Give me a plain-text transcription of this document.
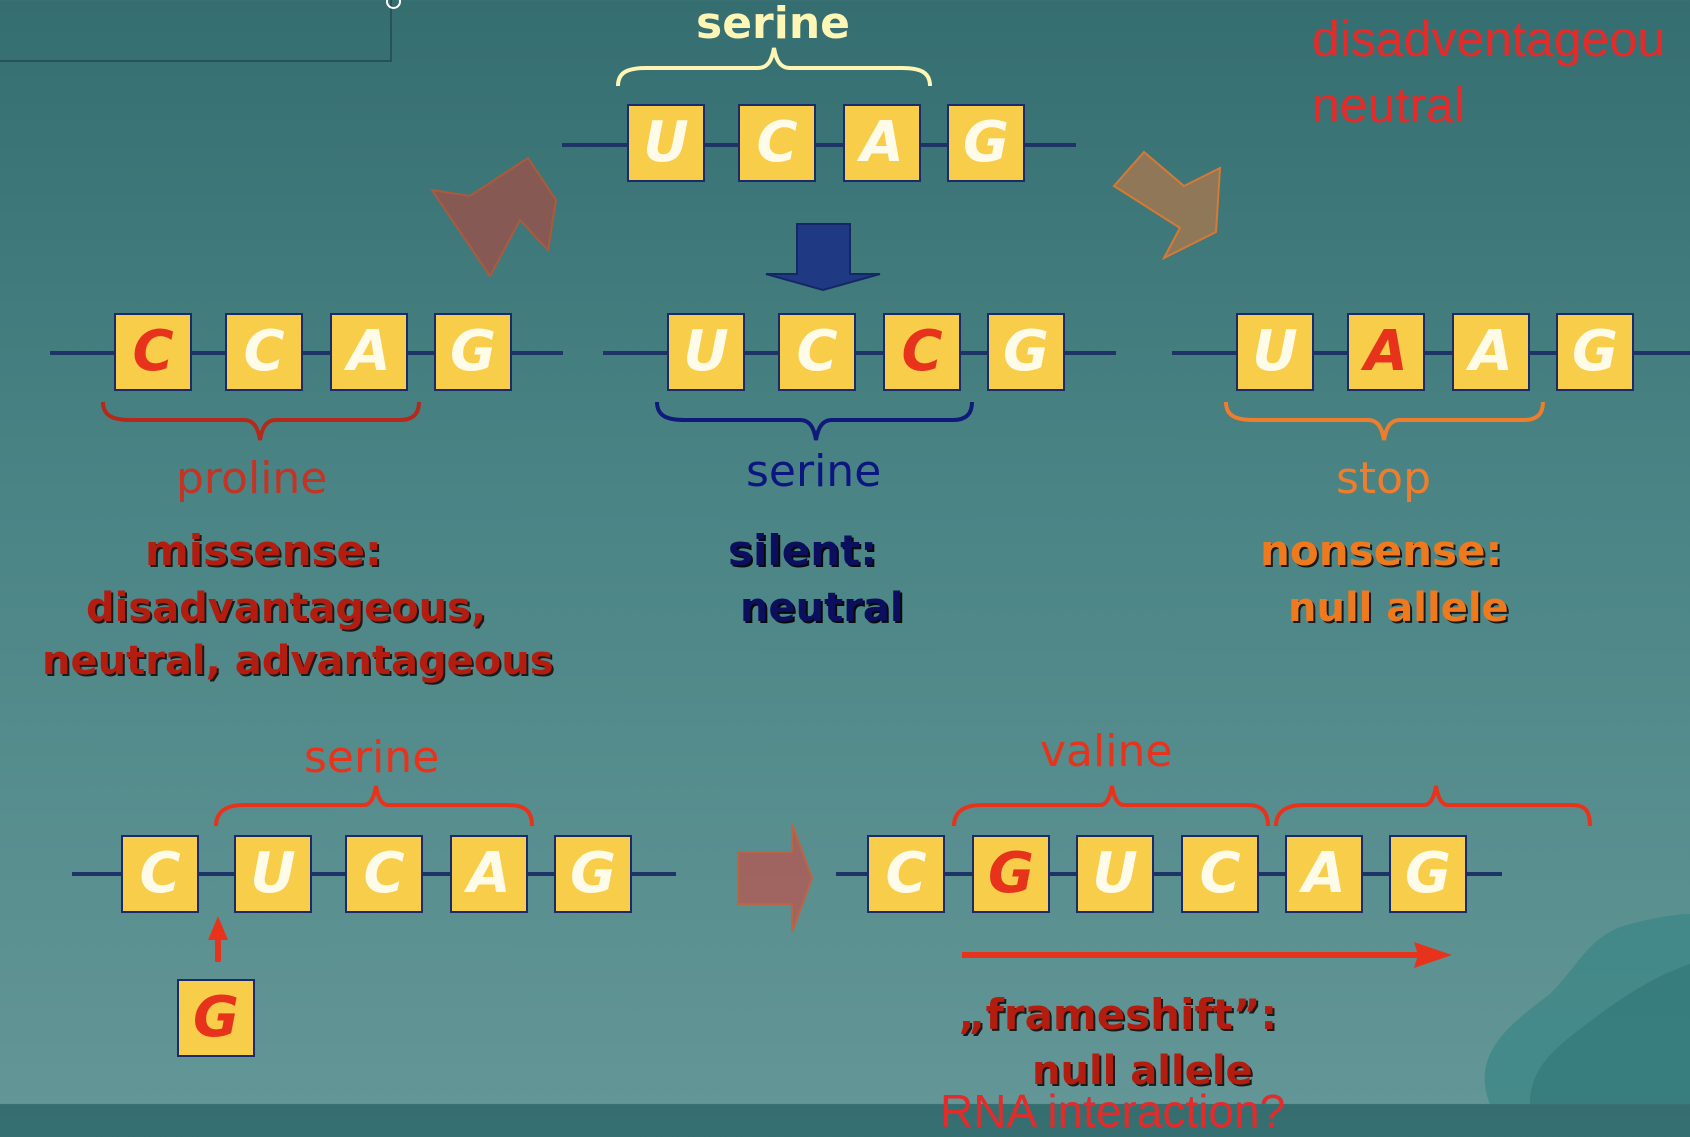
disadventageou
neutral
serine
U	C	A	G
C	C	A	G
proline
missense:
disadvantageous,
neutral, advantageous
U	C	C	G
serine
silent:
neutral
U	A	A	G
stop
nonsense:
null allele
serine
C	U	C	A	G
G
valine
C	G U	C	A	G
„frameshift”:
null allele
RNA interaction?
